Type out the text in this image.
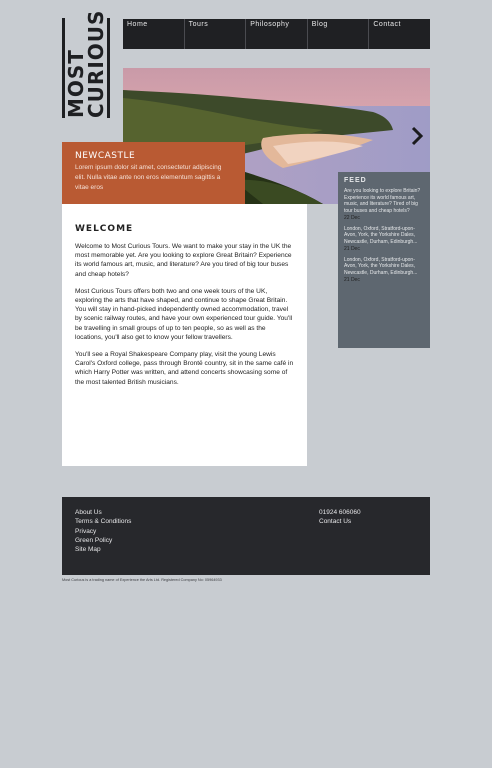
MOST
CURIOUS	Home	Tours	Philosophy	Blog	Contact
NEWCASTLE
Lorem ipsum dolor sit amet, consectetur adipiscing elit. Nulla vitae ante non eros elementum sagittis a vitae eros
FEED
Are you looking to explore Britain? Experience its world famous art, music, and literature? Tired of big tour buses and cheap hotels?
22 Dec
London, Oxford, Stratford-upon-Avon, York, the Yorkshire Dales, Newcastle, Durham, Edinburgh...
21 Dec
London, Oxford, Stratford-upon-Avon, York, the Yorkshire Dales, Newcastle, Durham, Edinburgh...
21 Dec
WELCOME

Welcome to Most Curious Tours. We want to make your stay in the UK the most memorable yet. Are you looking to explore Great Britain? Experience its world famous art, music, and literature? Are you tired of big tour buses and cheap hotels?

Most Curious Tours offers both two and one week tours of the UK, exploring the arts that have shaped, and continue to shape Great Britain. You will stay in hand-picked independently owned accommodation, travel by scenic railway routes, and have your own experienced tour guide. You'll be travelling in small groups of up to ten people, so as well as the locations, you'll also get to know your fellow travellers.

You'll see a Royal Shakespeare Company play, visit the young Lewis Carol's Oxford college, pass through Brontë country, sit in the same café in which Harry Potter was written, and attend concerts showcasing some of the most talented British musicians.

About Us
Terms & Conditions
Privacy
Green Policy
Site Map
01924 606060
Contact Us
Most Curious is a trading name of Experience the Arts Ltd. Registered Company No: 05964933
